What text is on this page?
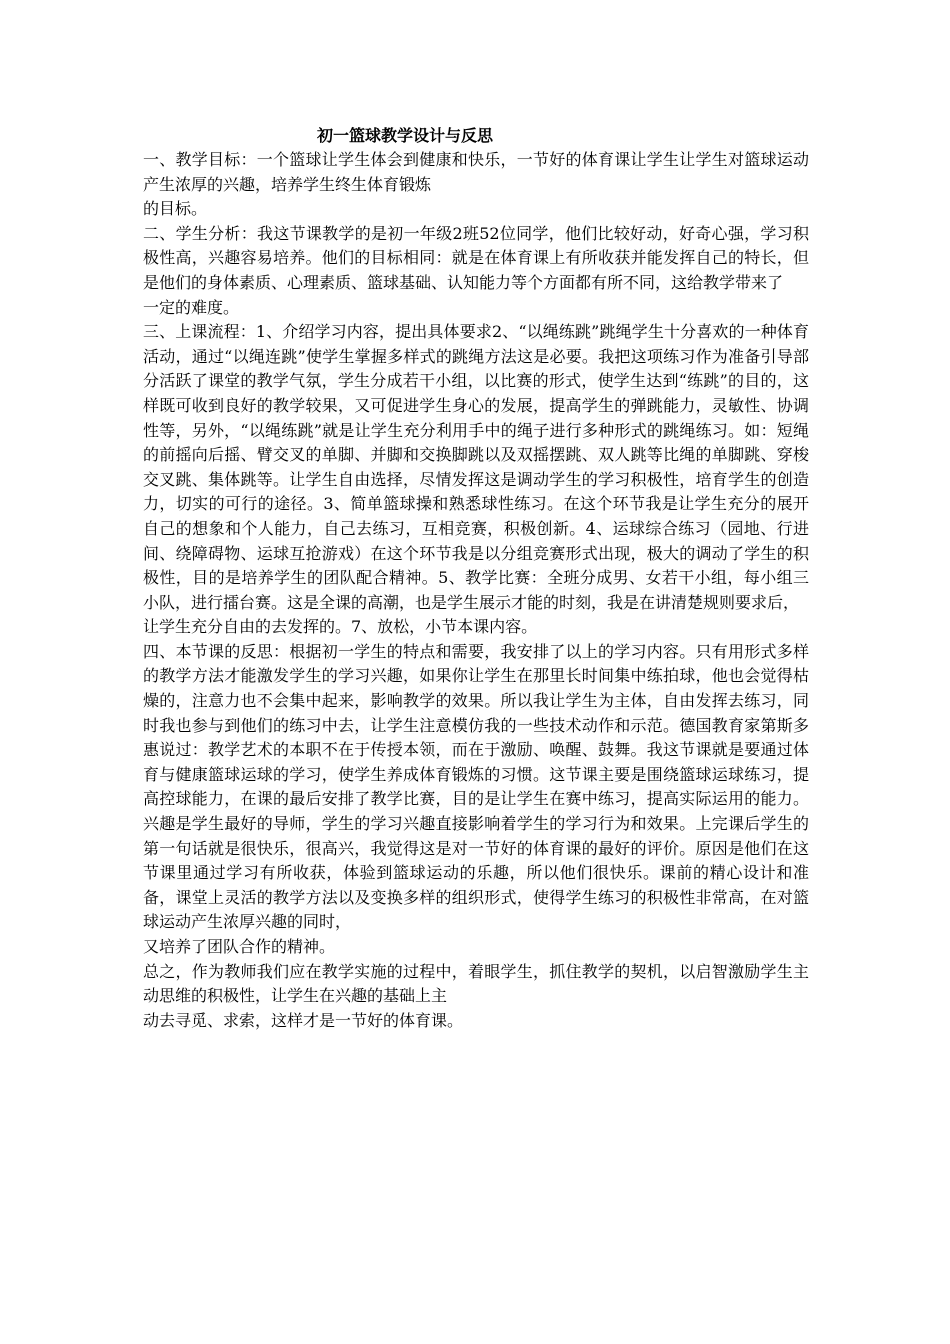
初一篮球教学设计与反思

一、教学目标：一个篮球让学生体会到健康和快乐，一节好的体育课让学生让学生对篮球运动产生浓厚的兴趣，培养学生终生体育锻炼

的目标。

二、学生分析：我这节课教学的是初一年级2班52位同学，他们比较好动，好奇心强，学习积极性高，兴趣容易培养。他们的目标相同：就是在体育课上有所收获并能发挥自己的特长，但是他们的身体素质、心理素质、篮球基础、认知能力等个方面都有所不同，这给教学带来了

一定的难度。

三、上课流程：1、介绍学习内容，提出具体要求2、“以绳练跳”跳绳学生十分喜欢的一种体育活动，通过“以绳连跳”使学生掌握多样式的跳绳方法这是必要。我把这项练习作为准备引导部分活跃了课堂的教学气氛，学生分成若干小组，以比赛的形式，使学生达到“练跳”的目的，这样既可收到良好的教学较果，又可促进学生身心的发展，提高学生的弹跳能力，灵敏性、协调性等，另外，“以绳练跳”就是让学生充分利用手中的绳子进行多种形式的跳绳练习。如：短绳的前摇向后摇、臂交叉的单脚、并脚和交换脚跳以及双摇摆跳、双人跳等比绳的单脚跳、穿梭交叉跳、集体跳等。让学生自由选择，尽情发挥这是调动学生的学习积极性，培育学生的创造力，切实的可行的途径。3、简单篮球操和熟悉球性练习。在这个环节我是让学生充分的展开自己的想象和个人能力，自己去练习，互相竞赛，积极创新。4、运球综合练习（园地、行进间、绕障碍物、运球互抢游戏）在这个环节我是以分组竞赛形式出现，极大的调动了学生的积极性，目的是培养学生的团队配合精神。5、教学比赛：全班分成男、女若干小组，每小组三小队，进行擂台赛。这是全课的高潮，也是学生展示才能的时刻，我是在讲清楚规则要求后，

让学生充分自由的去发挥的。7、放松，小节本课内容。

四、本节课的反思：根据初一学生的特点和需要，我安排了以上的学习内容。只有用形式多样的教学方法才能激发学生的学习兴趣，如果你让学生在那里长时间集中练拍球，他也会觉得枯燥的，注意力也不会集中起来，影响教学的效果。所以我让学生为主体，自由发挥去练习，同时我也参与到他们的练习中去，让学生注意模仿我的一些技术动作和示范。德国教育家第斯多惠说过：教学艺术的本职不在于传授本领，而在于激励、唤醒、鼓舞。我这节课就是要通过体育与健康篮球运球的学习，使学生养成体育锻炼的习惯。这节课主要是围绕篮球运球练习，提高控球能力，在课的最后安排了教学比赛，目的是让学生在赛中练习，提高实际运用的能力。兴趣是学生最好的导师，学生的学习兴趣直接影响着学生的学习行为和效果。上完课后学生的第一句话就是很快乐，很高兴，我觉得这是对一节好的体育课的最好的评价。原因是他们在这节课里通过学习有所收获，体验到篮球运动的乐趣，所以他们很快乐。课前的精心设计和准备，课堂上灵活的教学方法以及变换多样的组织形式，使得学生练习的积极性非常高，在对篮球运动产生浓厚兴趣的同时，

又培养了团队合作的精神。

总之，作为教师我们应在教学实施的过程中，着眼学生，抓住教学的契机，以启智激励学生主动思维的积极性，让学生在兴趣的基础上主

动去寻觅、求索，这样才是一节好的体育课。
